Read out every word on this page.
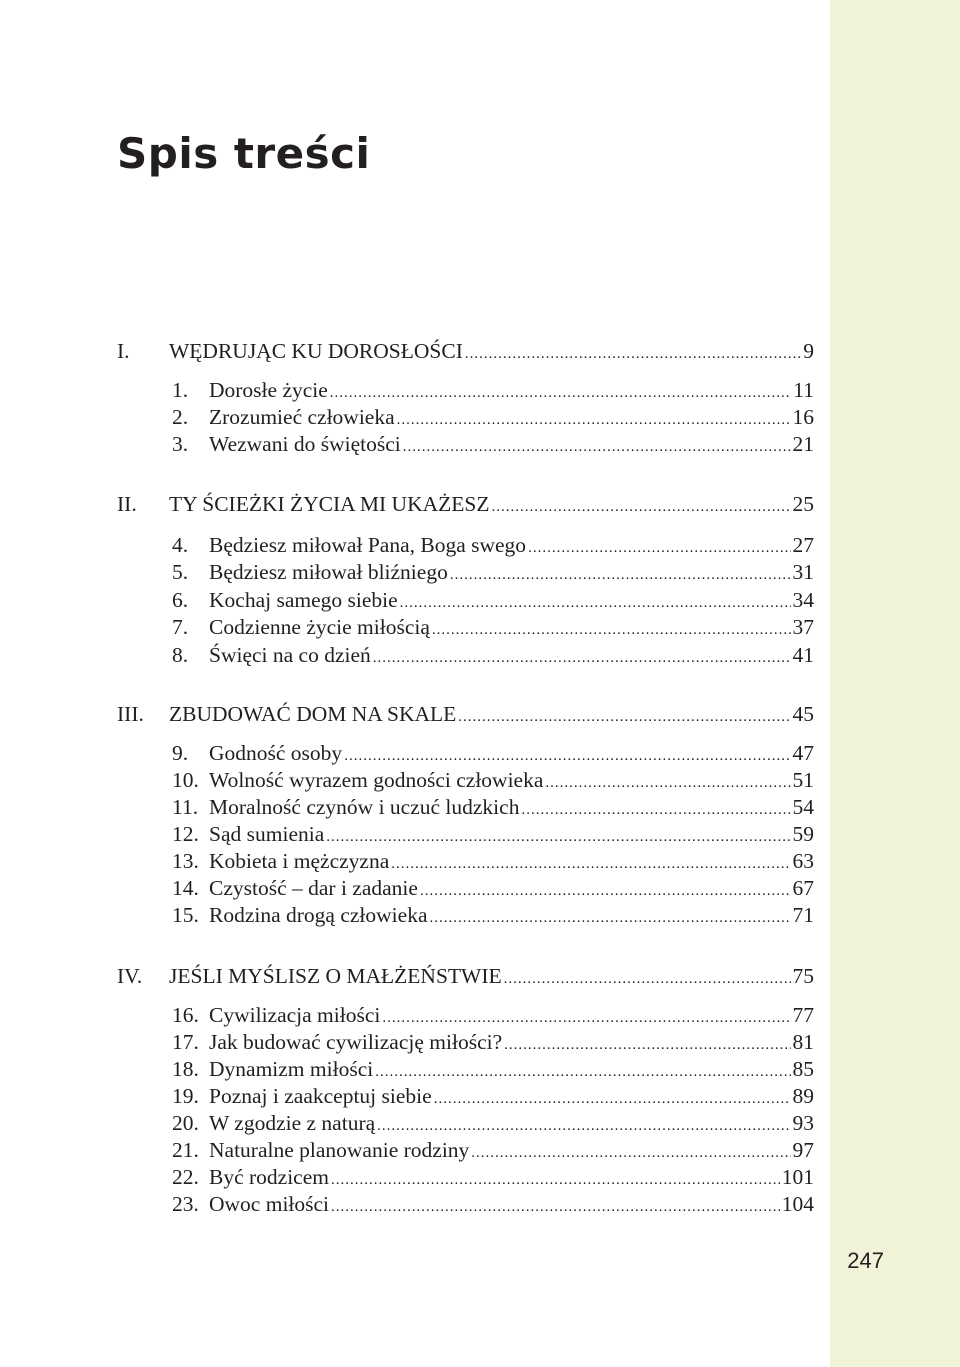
Spis treści
I.	WĘDRUJĄC KU DOROSŁOŚCI .....	9
1. Dorosłe życie .....	11
2. Zrozumieć człowieka .....	16
3. Wezwani do świętości .....	21
II.	TY ŚCIEŻKI ŻYCIA MI UKAŻESZ .....	25
4. Będziesz miłował Pana, Boga swego .....	27
5. Będziesz miłował bliźniego .....	31
6. Kochaj samego siebie .....	34
7. Codzienne życie miłością .....	37
8. Święci na co dzień .....	41
III.	ZBUDOWAĆ DOM NA SKALE .....	45
9. Godność osoby .....	47
10. Wolność wyrazem godności człowieka .....	51
11. Moralność czynów i uczuć ludzkich .....	54
12. Sąd sumienia .....	59
13. Kobieta i mężczyzna .....	63
14. Czystość – dar i zadanie .....	67
15. Rodzina drogą człowieka .....	71
IV.	JEŚLI MYŚLISZ O MAŁŻEŃSTWIE .....	75
16. Cywilizacja miłości .....	77
17. Jak budować cywilizację miłości? .....	81
18. Dynamizm miłości .....	85
19. Poznaj i zaakceptuj siebie .....	89
20. W zgodzie z naturą .....	93
21. Naturalne planowanie rodziny .....	97
22. Być rodzicem .....	101
23. Owoc miłości .....	104
247
